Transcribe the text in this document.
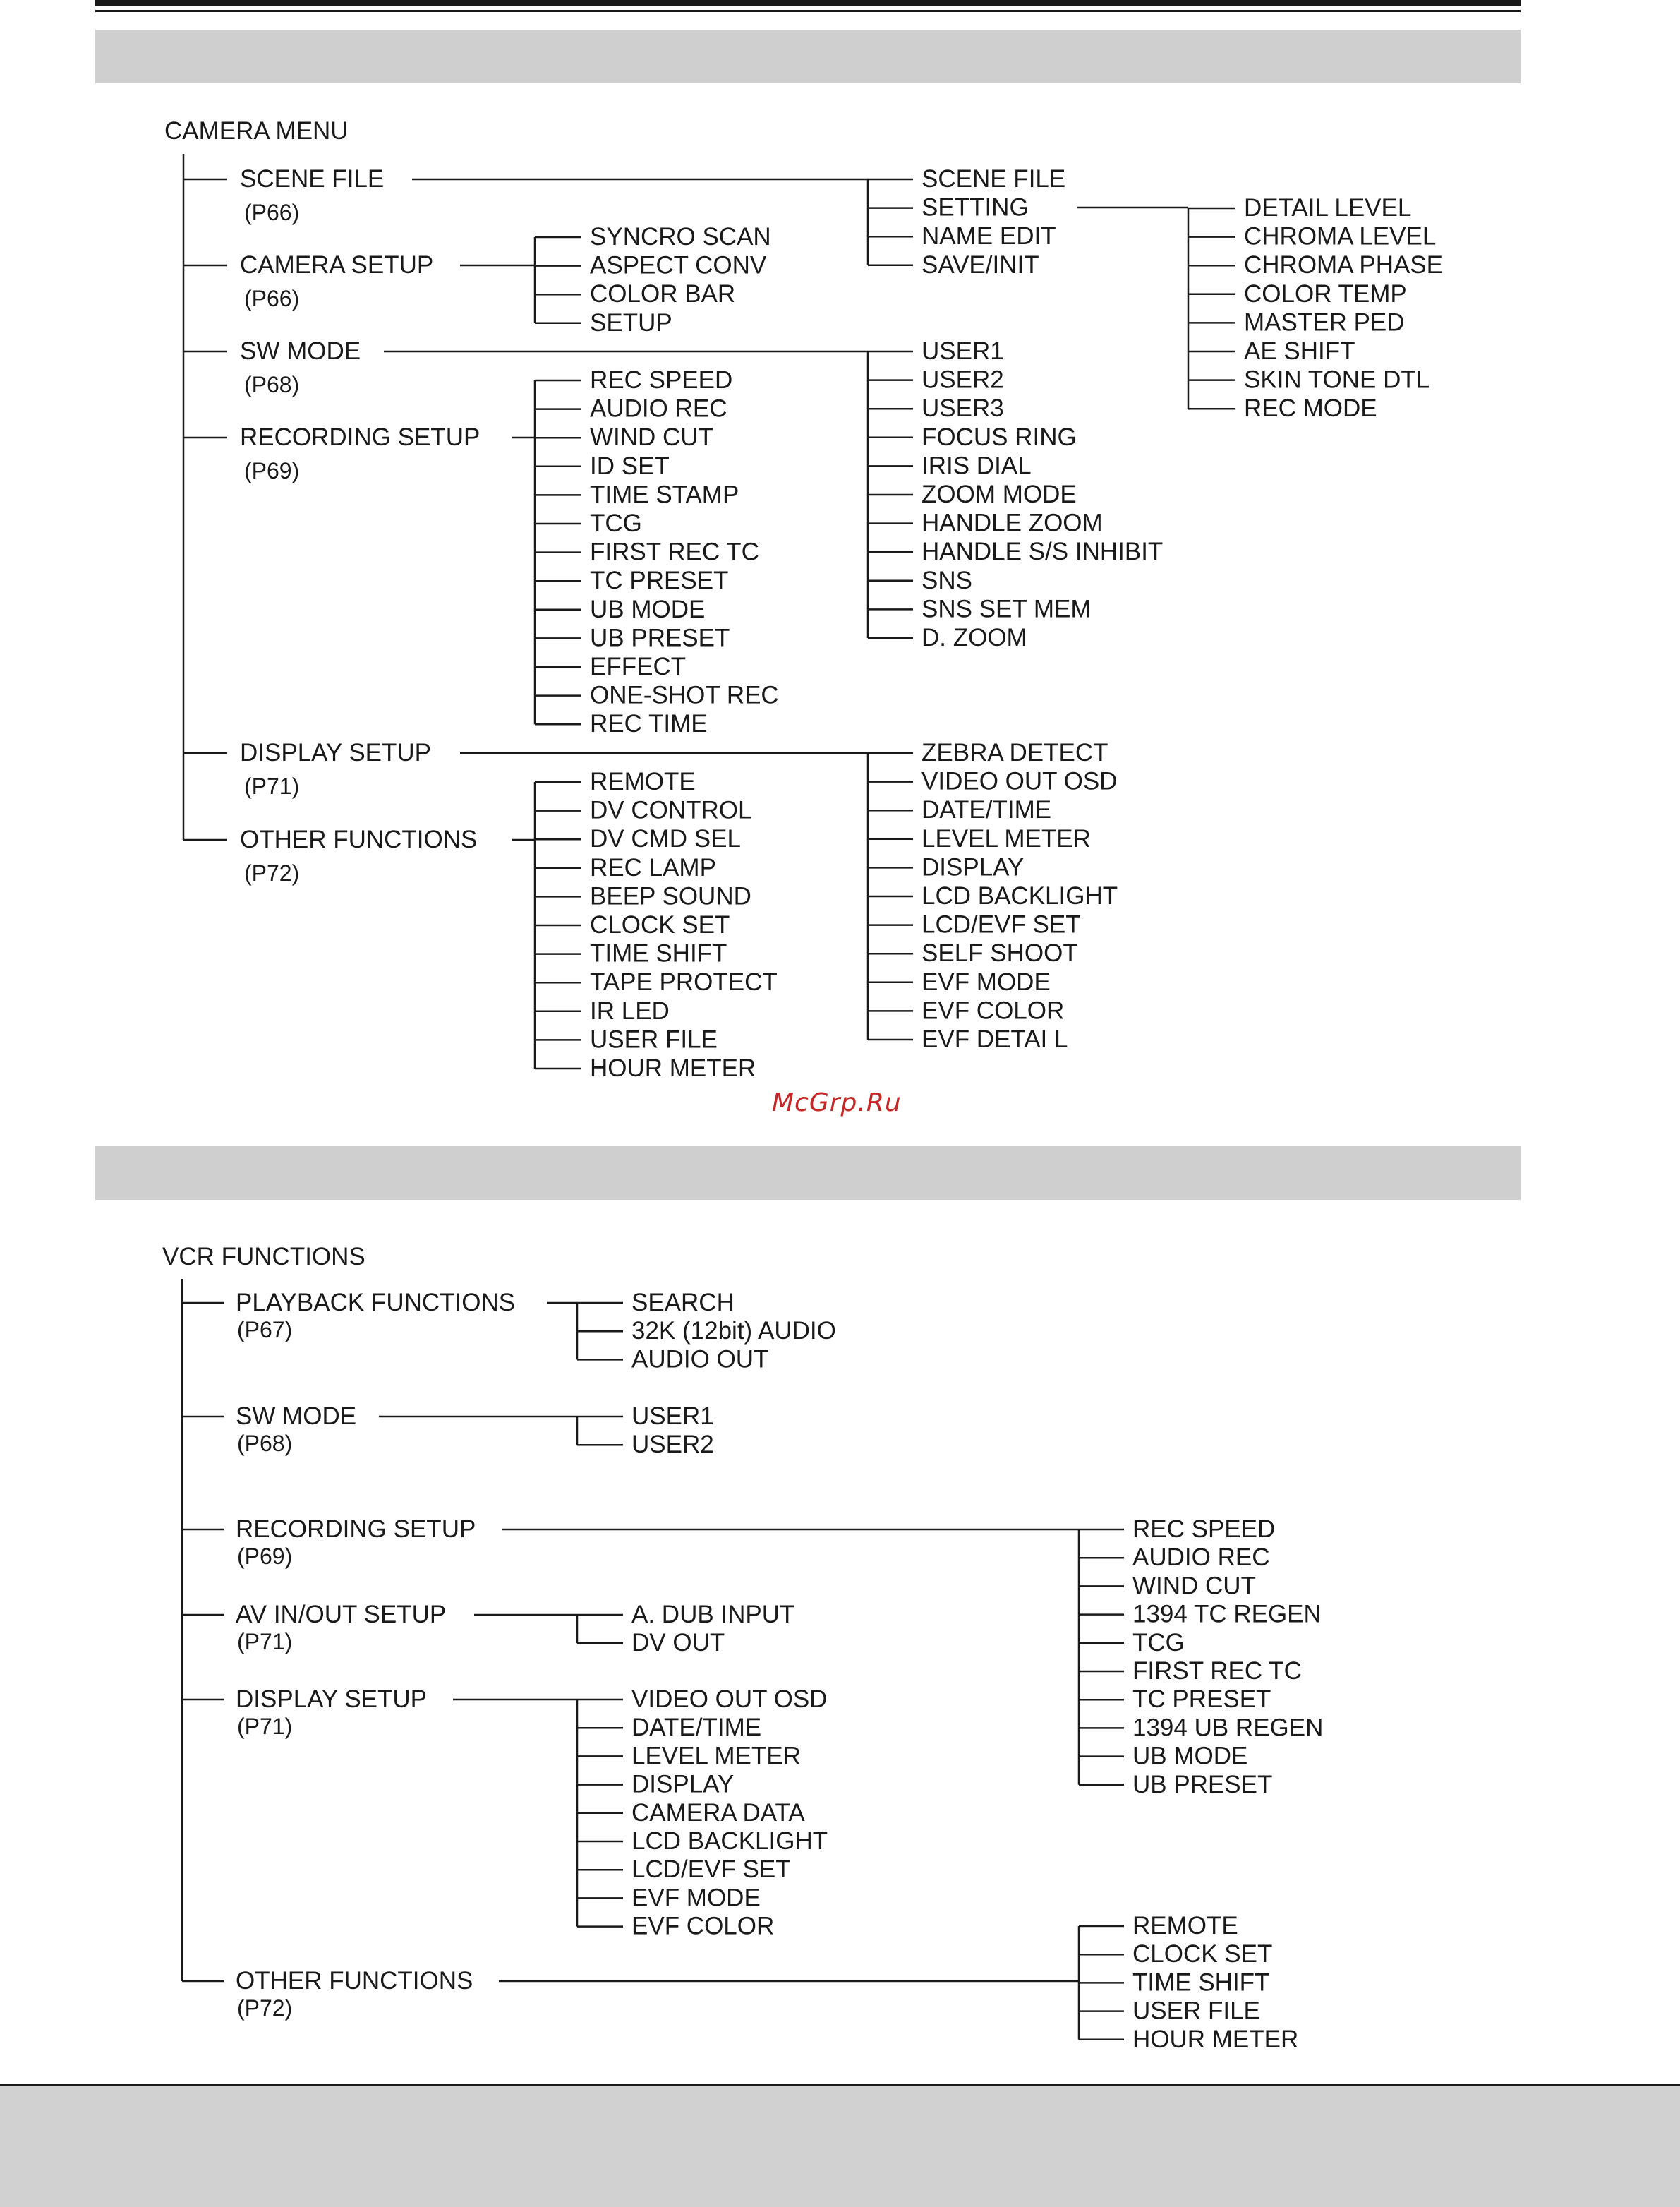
CAMERA MENU
SCENE FILE
(P66)
CAMERA SETUP
(P66)
SW MODE
(P68)
RECORDING SETUP
(P69)
DISPLAY SETUP
(P71)
OTHER FUNCTIONS
(P72)
SCENE FILE
SETTING
NAME EDIT
SAVE/INIT
DETAIL LEVEL
CHROMA LEVEL
CHROMA PHASE
COLOR TEMP
MASTER PED
AE SHIFT
SKIN TONE DTL
REC MODE
SYNCRO SCAN
ASPECT CONV
COLOR BAR
SETUP
USER1
USER2
USER3
FOCUS RING
IRIS DIAL
ZOOM MODE
HANDLE ZOOM
HANDLE S/S INHIBIT
SNS
SNS SET MEM
D. ZOOM
REC SPEED
AUDIO REC
WIND CUT
ID SET
TIME STAMP
TCG
FIRST REC TC
TC PRESET
UB MODE
UB PRESET
EFFECT
ONE-SHOT REC
REC TIME
ZEBRA DETECT
VIDEO OUT OSD
DATE/TIME
LEVEL METER
DISPLAY
LCD BACKLIGHT
LCD/EVF SET
SELF SHOOT
EVF MODE
EVF COLOR
EVF DETAI L
REMOTE
DV CONTROL
DV CMD SEL
REC LAMP
BEEP SOUND
CLOCK SET
TIME SHIFT
TAPE PROTECT
IR LED
USER FILE
HOUR METER
McGrp.Ru
VCR FUNCTIONS
PLAYBACK FUNCTIONS
(P67)
SW MODE
(P68)
RECORDING SETUP
(P69)
AV IN/OUT SETUP
(P71)
DISPLAY SETUP
(P71)
OTHER FUNCTIONS
(P72)
SEARCH
32K (12bit) AUDIO
AUDIO OUT
USER1
USER2
REC SPEED
AUDIO REC
WIND CUT
1394 TC REGEN
TCG
FIRST REC TC
TC PRESET
1394 UB REGEN
UB MODE
UB PRESET
A. DUB INPUT
DV OUT
VIDEO OUT OSD
DATE/TIME
LEVEL METER
DISPLAY
CAMERA DATA
LCD BACKLIGHT
LCD/EVF SET
EVF MODE
EVF COLOR	REMOTE
CLOCK SET
TIME SHIFT
USER FILE
HOUR METER
